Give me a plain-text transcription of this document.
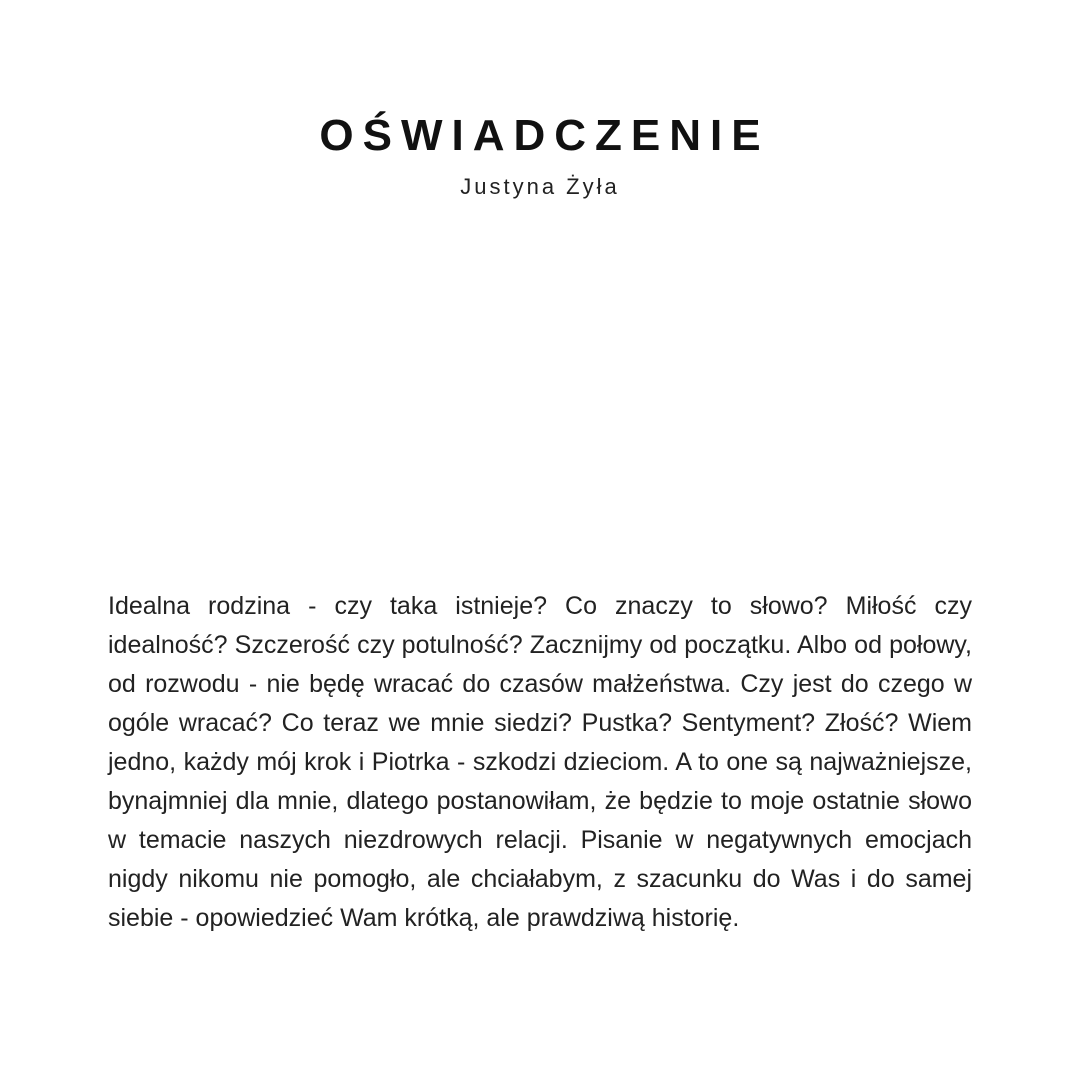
OŚWIADCZENIE
Justyna Żyła

Idealna rodzina - czy taka istnieje? Co znaczy to słowo? Miłość czy idealność? Szczerość czy potulność? Zacznijmy od początku. Albo od połowy, od rozwodu - nie będę wracać do czasów małżeństwa. Czy jest do czego w ogóle wracać? Co teraz we mnie siedzi? Pustka? Sentyment? Złość? Wiem jedno, każdy mój krok i Piotrka - szkodzi dzieciom. A to one są najważniejsze, bynajmniej dla mnie, dlatego postanowiłam, że będzie to moje ostatnie słowo w temacie naszych niezdrowych relacji. Pisanie w negatywnych emocjach nigdy nikomu nie pomogło, ale chciałabym, z szacunku do Was i do samej siebie - opowiedzieć Wam krótką, ale prawdziwą historię.
